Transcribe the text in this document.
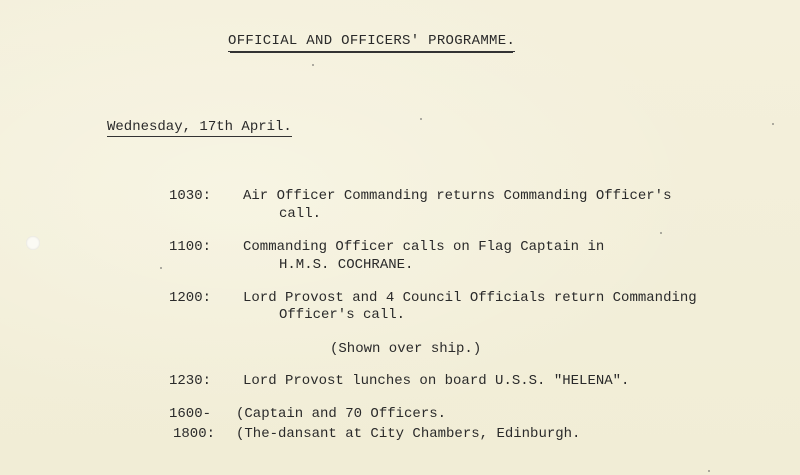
OFFICIAL AND OFFICERS' PROGRAMME.
Wednesday, 17th April.
1030: Air Officer Commanding returns Commanding Officer's
call.
1100: Commanding Officer calls on Flag Captain in
H.M.S. COCHRANE.
1200: Lord Provost and 4 Council Officials return Commanding
Officer's call.
(Shown over ship.)
1230: Lord Provost lunches on board U.S.S. "HELENA".
1600- (Captain and 70 Officers.
1800: (The-dansant at City Chambers, Edinburgh.
